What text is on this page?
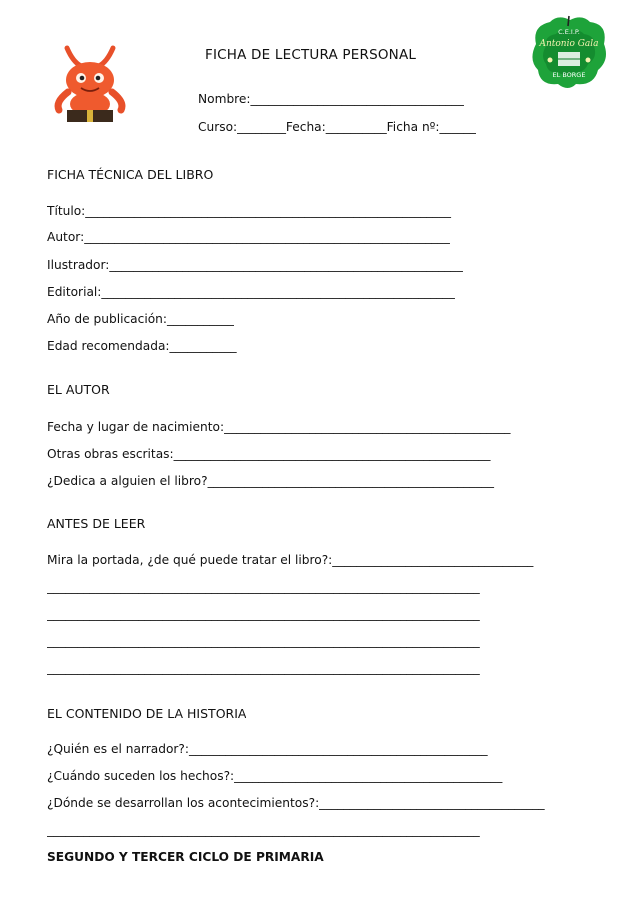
FICHA DE LECTURA PERSONAL
C.E.I.P.
Antonio Gala
EL BORGE
Nombre:___________________________________
Curso:________Fecha:__________Ficha nº:______
FICHA TÉCNICA DEL LIBRO
Título:____________________________________________________________
Autor:____________________________________________________________
Ilustrador:__________________________________________________________
Editorial:__________________________________________________________
Año de publicación:___________
Edad recomendada:___________
EL AUTOR
Fecha y lugar de nacimiento:_______________________________________________
Otras obras escritas:____________________________________________________
¿Dedica a alguien el libro?_______________________________________________
ANTES DE LEER
Mira la portada, ¿de qué puede tratar el libro?:_________________________________
_______________________________________________________________________
_______________________________________________________________________
_______________________________________________________________________
_______________________________________________________________________
EL CONTENIDO DE LA HISTORIA
¿Quién es el narrador?:_________________________________________________
¿Cuándo suceden los hechos?:____________________________________________
¿Dónde se desarrollan los acontecimientos?:_____________________________________
_______________________________________________________________________
SEGUNDO Y TERCER CICLO DE PRIMARIA
